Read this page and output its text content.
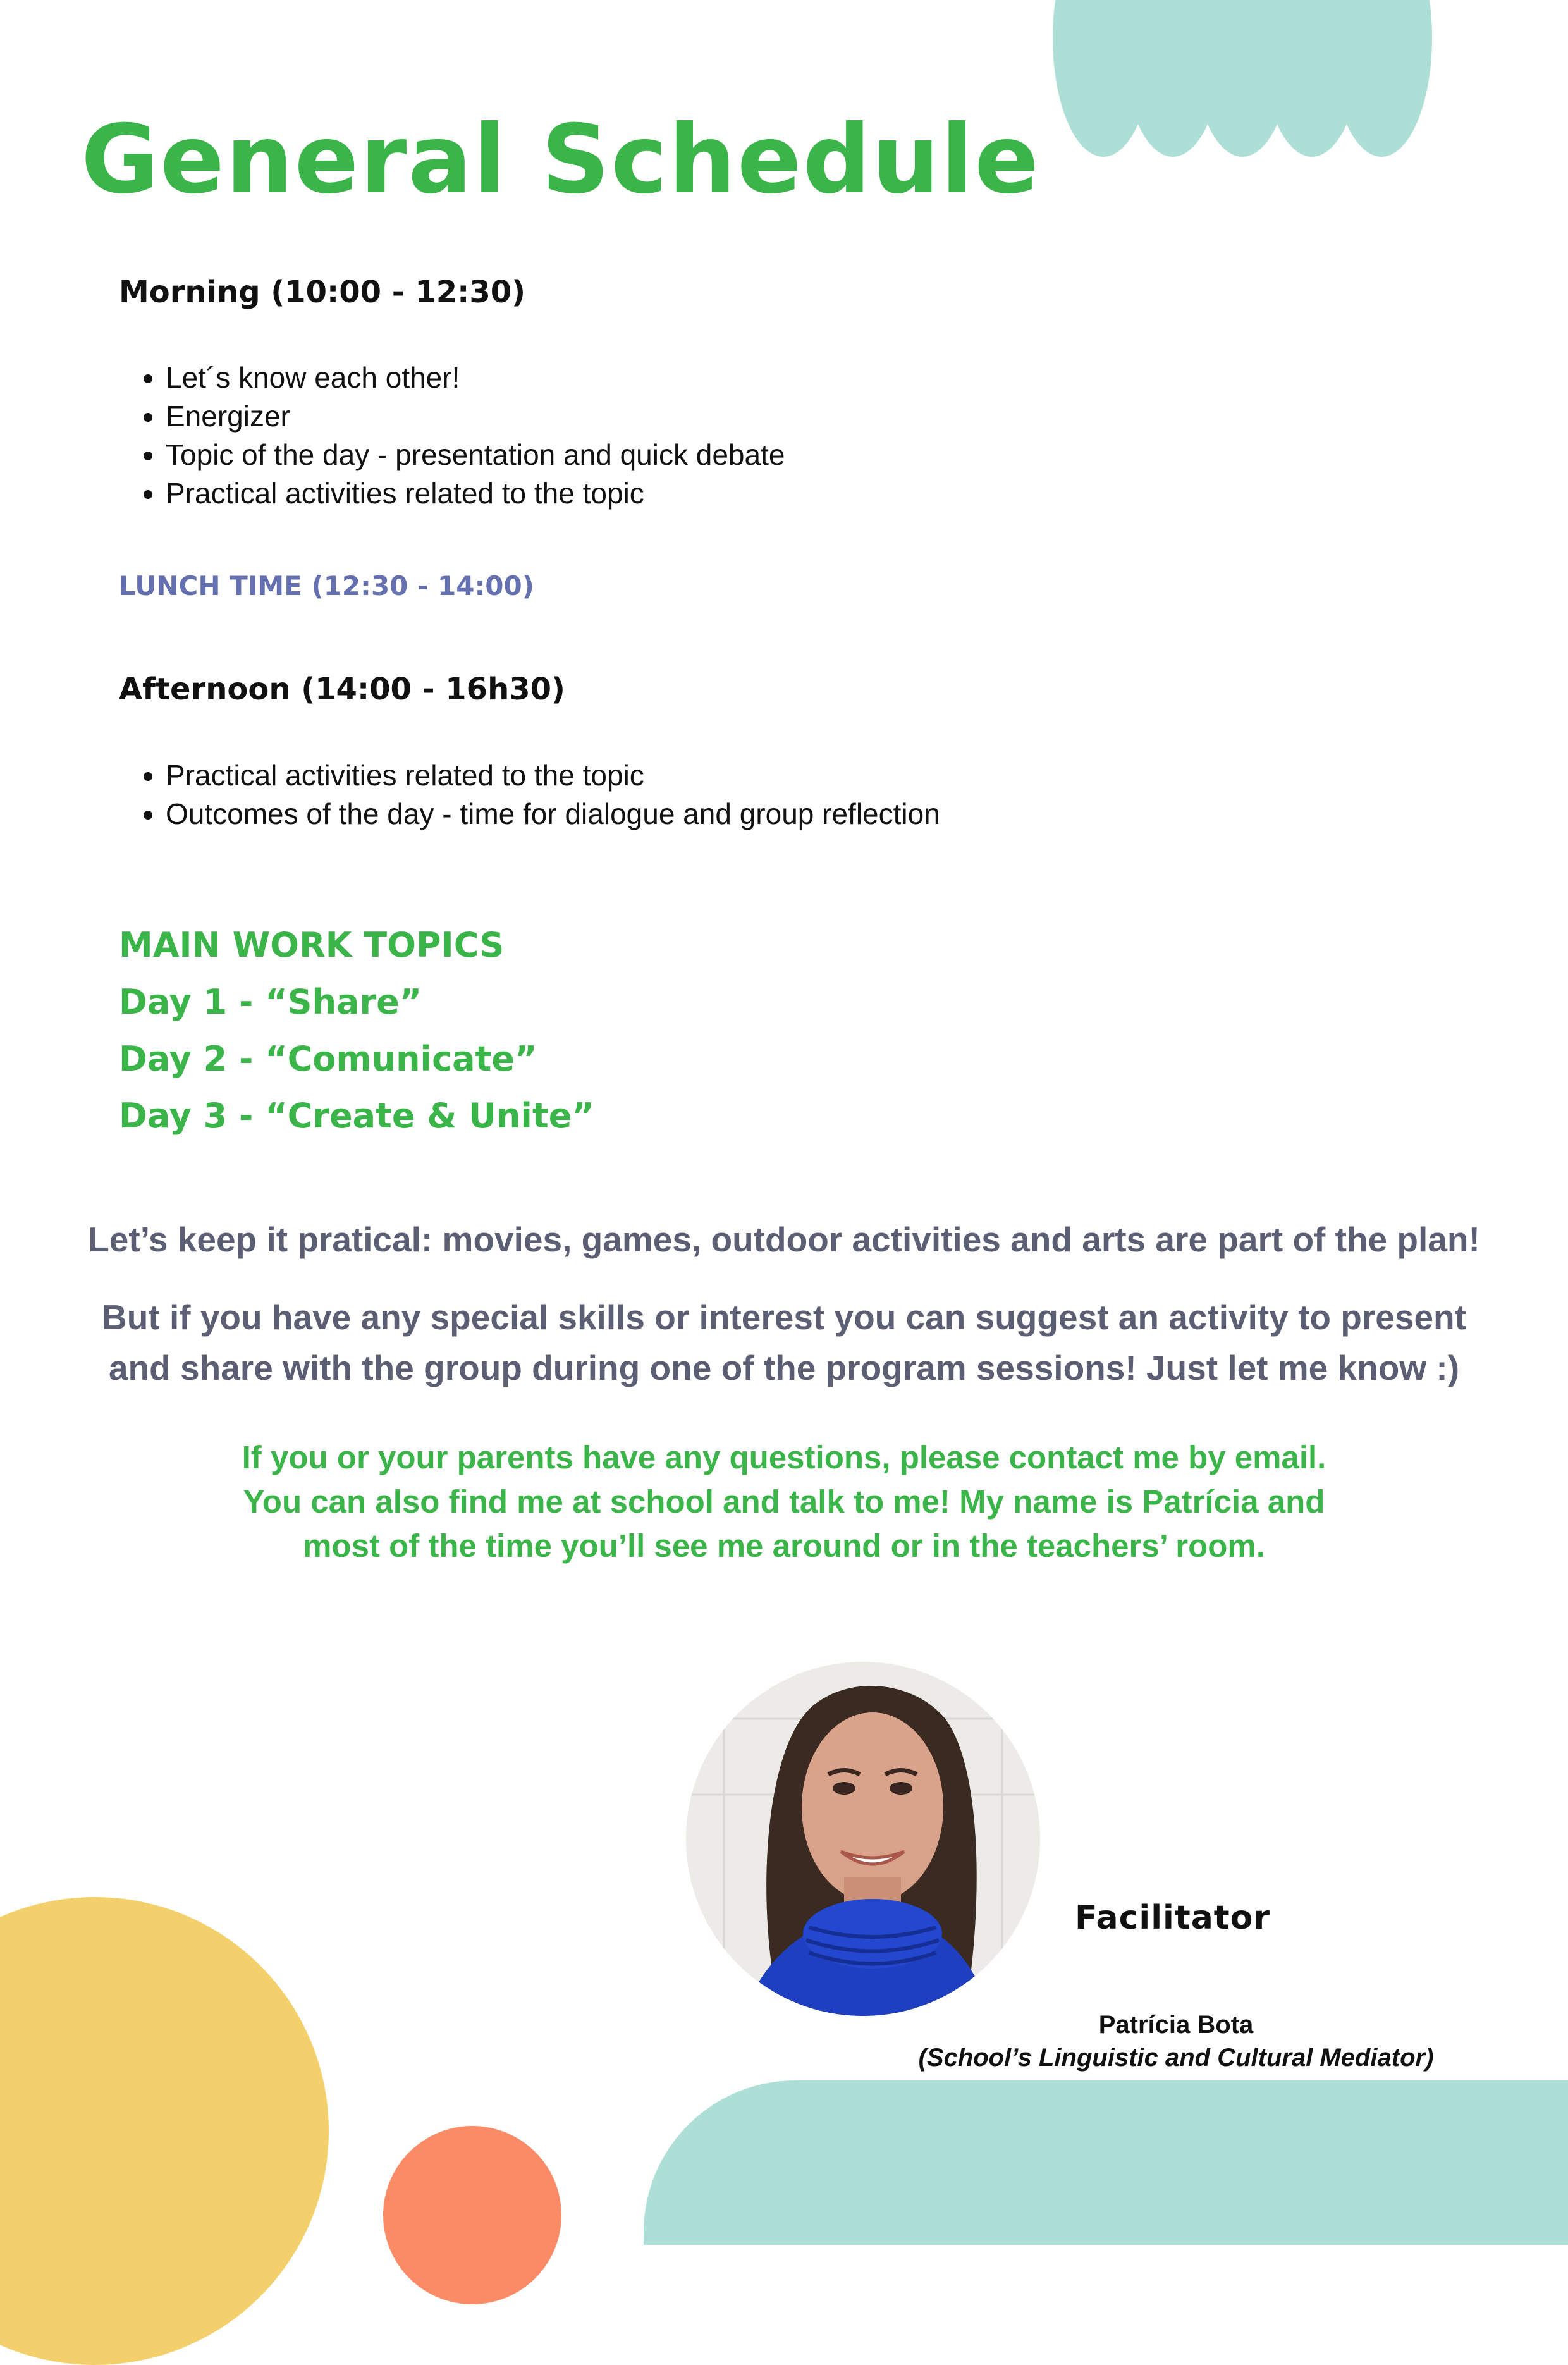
General Schedule
Morning (10:00 - 12:30)
• Let´s know each other!
• Energizer
• Topic of the day - presentation and quick debate
• Practical activities related to the topic
LUNCH TIME (12:30 - 14:00)
Afternoon (14:00 - 16h30)
• Practical activities related to the topic
• Outcomes of the day - time for dialogue and group reflection
MAIN WORK TOPICS
Day 1 - “Share”
Day 2 - “Comunicate”
Day 3 - “Create & Unite”
Let’s keep it pratical: movies, games, outdoor activities and arts are part of the plan!
But if you have any special skills or interest you can suggest an activity to present
and share with the group during one of the program sessions! Just let me know :)
If you or your parents have any questions, please contact me by email.
You can also find me at school and talk to me! My name is Patrícia and
most of the time you’ll see me around or in the teachers’ room.
Facilitator
Patrícia Bota
(School’s Linguistic and Cultural Mediator)
